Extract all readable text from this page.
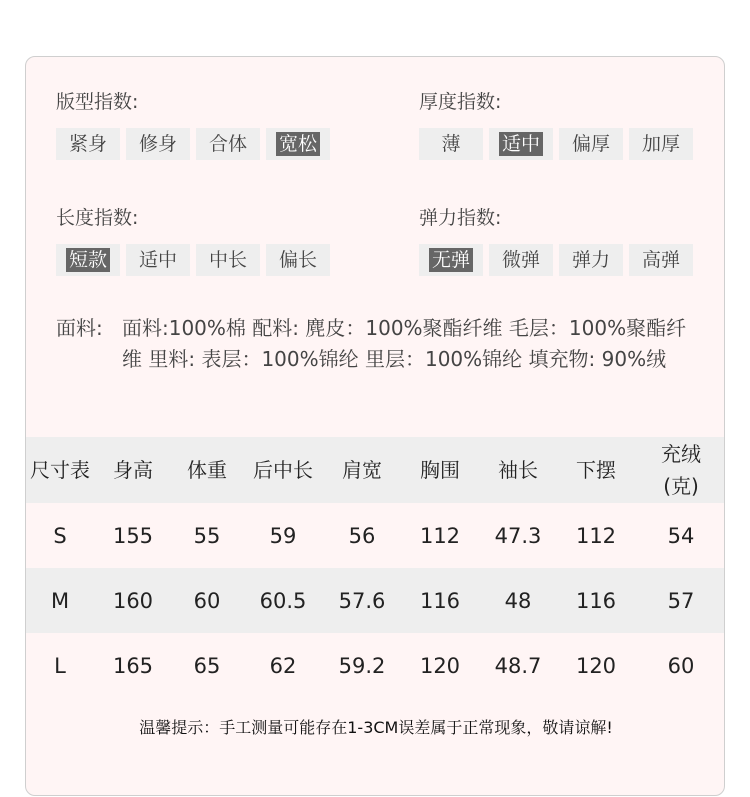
版型指数:
紧身 修身 合体 宽松
厚度指数:
薄 适中 偏厚 加厚
长度指数:
短款 适中 中长 偏长
弹力指数:
无弹 微弹 弹力 高弹
面料: 面料:100%棉 配料: 麂皮：100%聚酯纤维 毛层：100%聚酯纤维 里料: 表层：100%锦纶 里层：100%锦纶 填充物: 90%绒
尺寸表	身高	体重	后中长	肩宽	胸围	袖长	下摆	充绒(克)
S	155	55	59	56	112	47.3	112	54
M	160	60	60.5	57.6	116	48	116	57
L	165	65	62	59.2	120	48.7	120	60
温馨提示：手工测量可能存在1-3CM误差属于正常现象，敬请谅解!
